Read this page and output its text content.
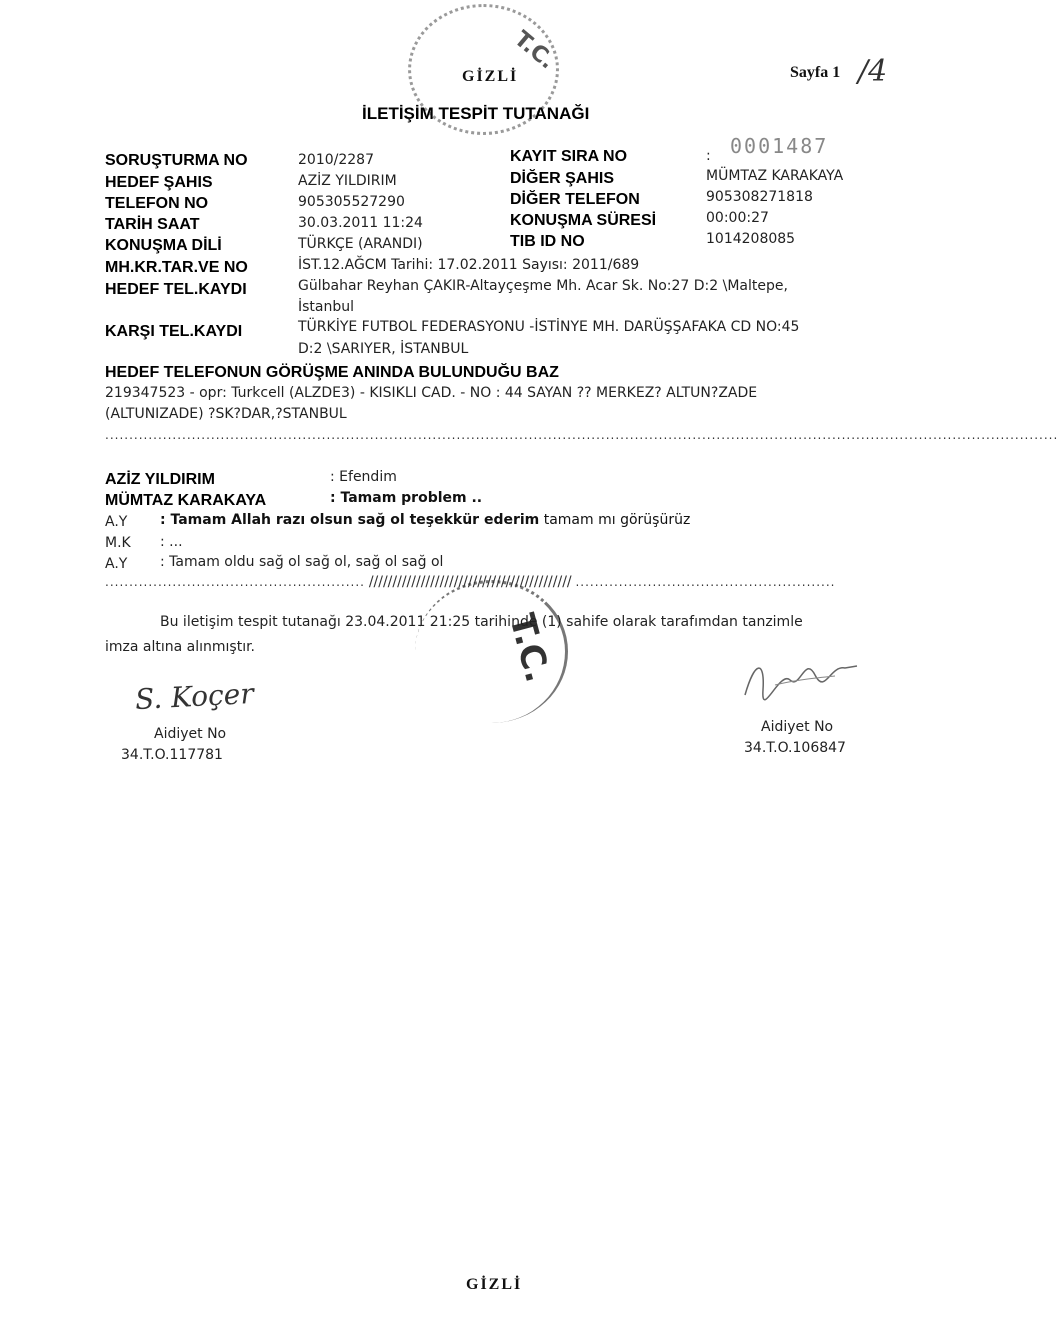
T.C.
T.C.
GİZLİ	Sayfa 1 /4
İLETİŞİM TESPİT TUTANAĞI
SORUŞTURMA NO	2010/2287
HEDEF ŞAHIS	AZİZ YILDIRIM
TELEFON NO	905305527290
TARİH SAAT	30.03.2011 11:24
KONUŞMA DİLİ	TÜRKÇE (ARANDI)
KAYIT SIRA NO	: 0001487
DİĞER ŞAHIS	MÜMTAZ KARAKAYA
DİĞER TELEFON	905308271818
KONUŞMA SÜRESİ	00:00:27
TIB ID NO	1014208085
MH.KR.TAR.VE NO	İST.12.AĞCM Tarihi: 17.02.2011 Sayısı: 2011/689
HEDEF TEL.KAYDI	Gülbahar Reyhan ÇAKIR-Altayçeşme Mh. Acar Sk. No:27 D:2 \Maltepe,
İstanbul
KARŞI TEL.KAYDI	TÜRKİYE FUTBOL FEDERASYONU -İSTİNYE MH. DARÜŞŞAFAKA CD NO:45
D:2 \SARIYER, İSTANBUL
HEDEF TELEFONUN GÖRÜŞME ANINDA BULUNDUĞU BAZ
219347523 - opr: Turkcell (ALZDE3) - KISIKLI CAD. - NO : 44 SAYAN ?? MERKEZ? ALTUN?ZADE
(ALTUNIZADE) ?SK?DAR,?STANBUL
......................................................................................................................................................................................................
AZİZ YILDIRIM	: Efendim
MÜMTAZ KARAKAYA	: Tamam problem ..
A.Y : Tamam Allah razı olsun sağ ol teşekkür ederim tamam mı görüşürüz
M.K : ...
A.Y : Tamam oldu sağ ol sağ ol, sağ ol sağ ol
...................................................... /////////////////////////////////////////// ......................................................
Bu iletişim tespit tutanağı 23.04.2011 21:25 tarihinde (1) sahife olarak tarafımdan tanzimle
imza altına alınmıştır.
S. Koçer
Aidiyet No
34.T.O.117781
Aidiyet No
34.T.O.106847
GİZLİ
